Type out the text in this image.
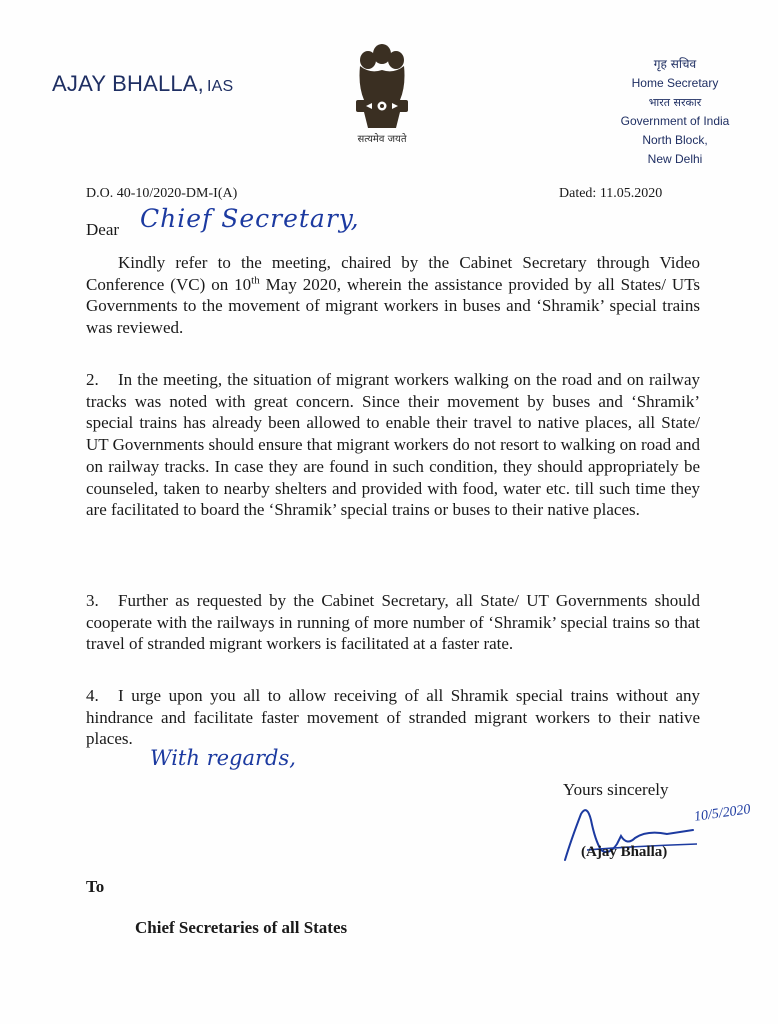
AJAY BHALLA, IAS
सत्यमेव जयते
गृह सचिव
Home Secretary
भारत सरकार
Government of India
North Block,
New Delhi
D.O. 40-10/2020-DM-I(A)	Dated: 11.05.2020
Dear Chief Secretary,
Kindly refer to the meeting, chaired by the Cabinet Secretary through Video Conference (VC) on 10th May 2020, wherein the assistance provided by all States/ UTs Governments to the movement of migrant workers in buses and ‘Shramik’ special trains was reviewed.
2. In the meeting, the situation of migrant workers walking on the road and on railway tracks was noted with great concern. Since their movement by buses and ‘Shramik’ special trains has already been allowed to enable their travel to native places, all State/ UT Governments should ensure that migrant workers do not resort to walking on road and on railway tracks. In case they are found in such condition, they should appropriately be counseled, taken to nearby shelters and provided with food, water etc. till such time they are facilitated to board the ‘Shramik’ special trains or buses to their native places.
3. Further as requested by the Cabinet Secretary, all State/ UT Governments should cooperate with the railways in running of more number of ‘Shramik’ special trains so that travel of stranded migrant workers is facilitated at a faster rate.
4. I urge upon you all to allow receiving of all Shramik special trains without any hindrance and facilitate faster movement of stranded migrant workers to their native places.
With regards,
Yours sincerely
10/5/2020
(Ajay Bhalla)
To
Chief Secretaries of all States
